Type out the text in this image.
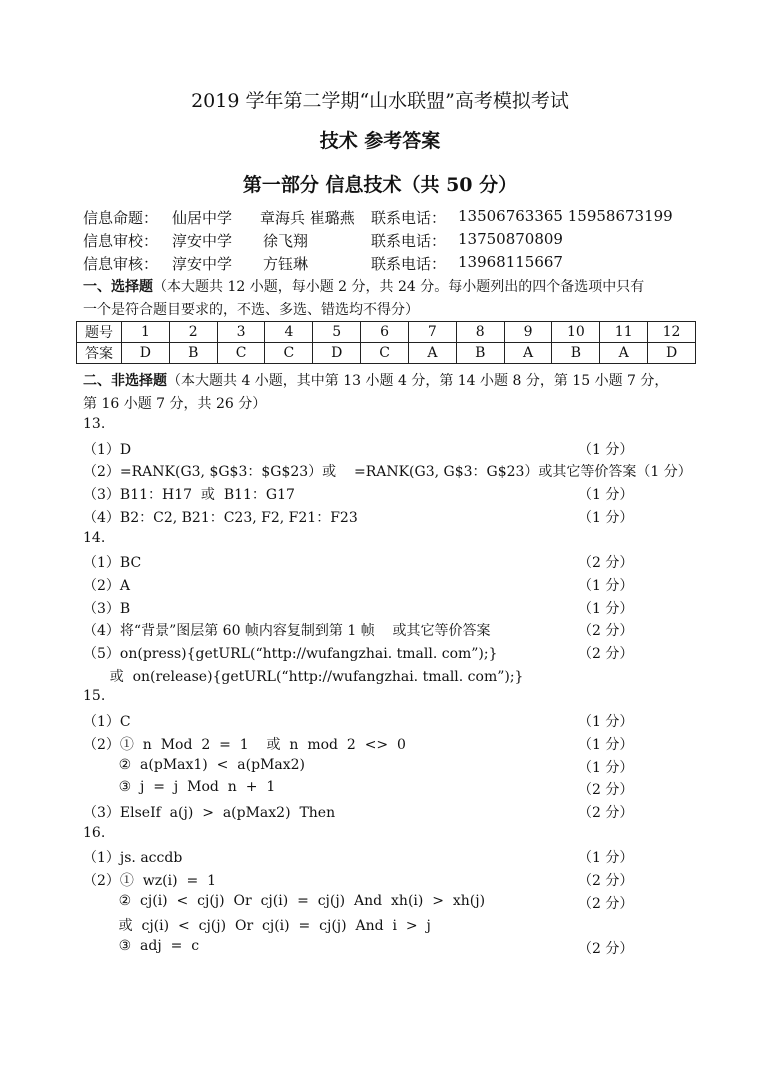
2019 学年第二学期“山水联盟”高考模拟考试
技术 参考答案
第一部分 信息技术（共 50 分）
信息命题： 仙居中学 章海兵 崔璐燕 联系电话： 13506763365 15958673199
信息审校： 淳安中学 徐飞翔	联系电话： 13750870809
信息审核： 淳安中学 方钰琳	联系电话： 13968115667
一、选择题（本大题共 12 小题，每小题 2 分，共 24 分。每小题列出的四个备选项中只有
一个是符合题目要求的，不选、多选、错选均不得分）
题号	1	2	3	4	5	6	7	8	9	10	11	12
答案	D	B	C	C	D	C	A	B	A	B	A	D
二、非选择题（本大题共 4 小题，其中第 13 小题 4 分，第 14 小题 8 分，第 15 小题 7 分，
第 16 小题 7 分，共 26 分）
13.
（1）D	（1 分）
（2）=RANK(G3, $G$3：$G$23）或    =RANK(G3, G$3：G$23）或其它等价答案（1 分）
（3）B11：H17  或  B11：G17	（1 分）
（4）B2：C2, B21：C23, F2, F21：F23	（1 分）
14.
（1）BC	（2 分）
（2）A	（1 分）
（3）B	（1 分）
（4）将“背景”图层第 60 帧内容复制到第 1 帧    或其它等价答案	（2 分）
（5）on(press){getURL(“http://wufangzhai. tmall. com”);}	（2 分）
或  on(release){getURL(“http://wufangzhai. tmall. com”);}
15.
（1）C	（1 分）
（2）①  n  Mod  2  =  1    或  n  mod  2  <>  0	（1 分）
②  a(pMax1)  <  a(pMax2)	（1 分）
③  j  =  j  Mod  n  +  1	（2 分）
（3）ElseIf  a(j)  >  a(pMax2)  Then	（2 分）
16.
（1）js. accdb	（1 分）
（2）①  wz(i)  =  1	（2 分）
②  cj(i)  <  cj(j)  Or  cj(i)  =  cj(j)  And  xh(i)  >  xh(j)	（2 分）
或  cj(i)  <  cj(j)  Or  cj(i)  =  cj(j)  And  i  >  j
③  adj  =  c	（2 分）
